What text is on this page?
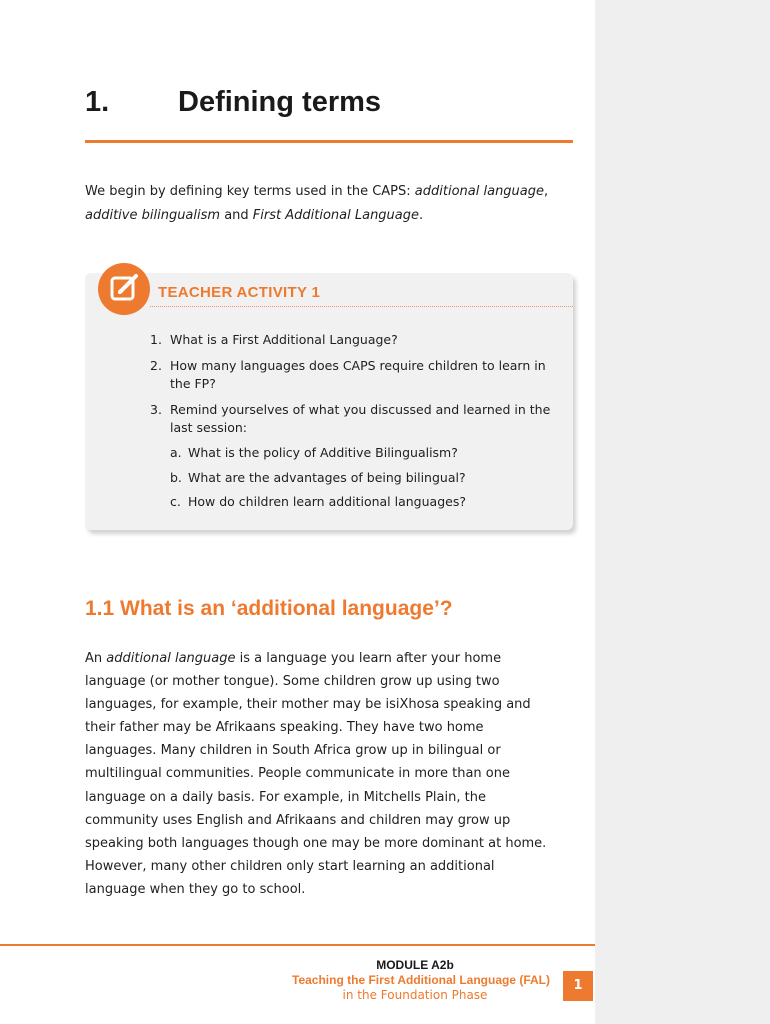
1. Defining terms

We begin by defining key terms used in the CAPS: additional language, additive bilingualism and First Additional Language.

TEACHER ACTIVITY 1
1. What is a First Additional Language?
2. How many languages does CAPS require children to learn in the FP?
3. Remind yourselves of what you discussed and learned in the last session:
a. What is the policy of Additive Bilingualism?
b. What are the advantages of being bilingual?
c. How do children learn additional languages?
1.1 What is an ‘additional language’?

An additional language is a language you learn after your home language (or mother tongue). Some children grow up using two languages, for example, their mother may be isiXhosa speaking and their father may be Afrikaans speaking. They have two home languages. Many children in South Africa grow up in bilingual or multilingual communities. People communicate in more than one language on a daily basis. For example, in Mitchells Plain, the community uses English and Afrikaans and children may grow up speaking both languages though one may be more dominant at home. However, many other children only start learning an additional language when they go to school.

MODULE A2b
Teaching the First Additional Language (FAL)
in the Foundation Phase
1
